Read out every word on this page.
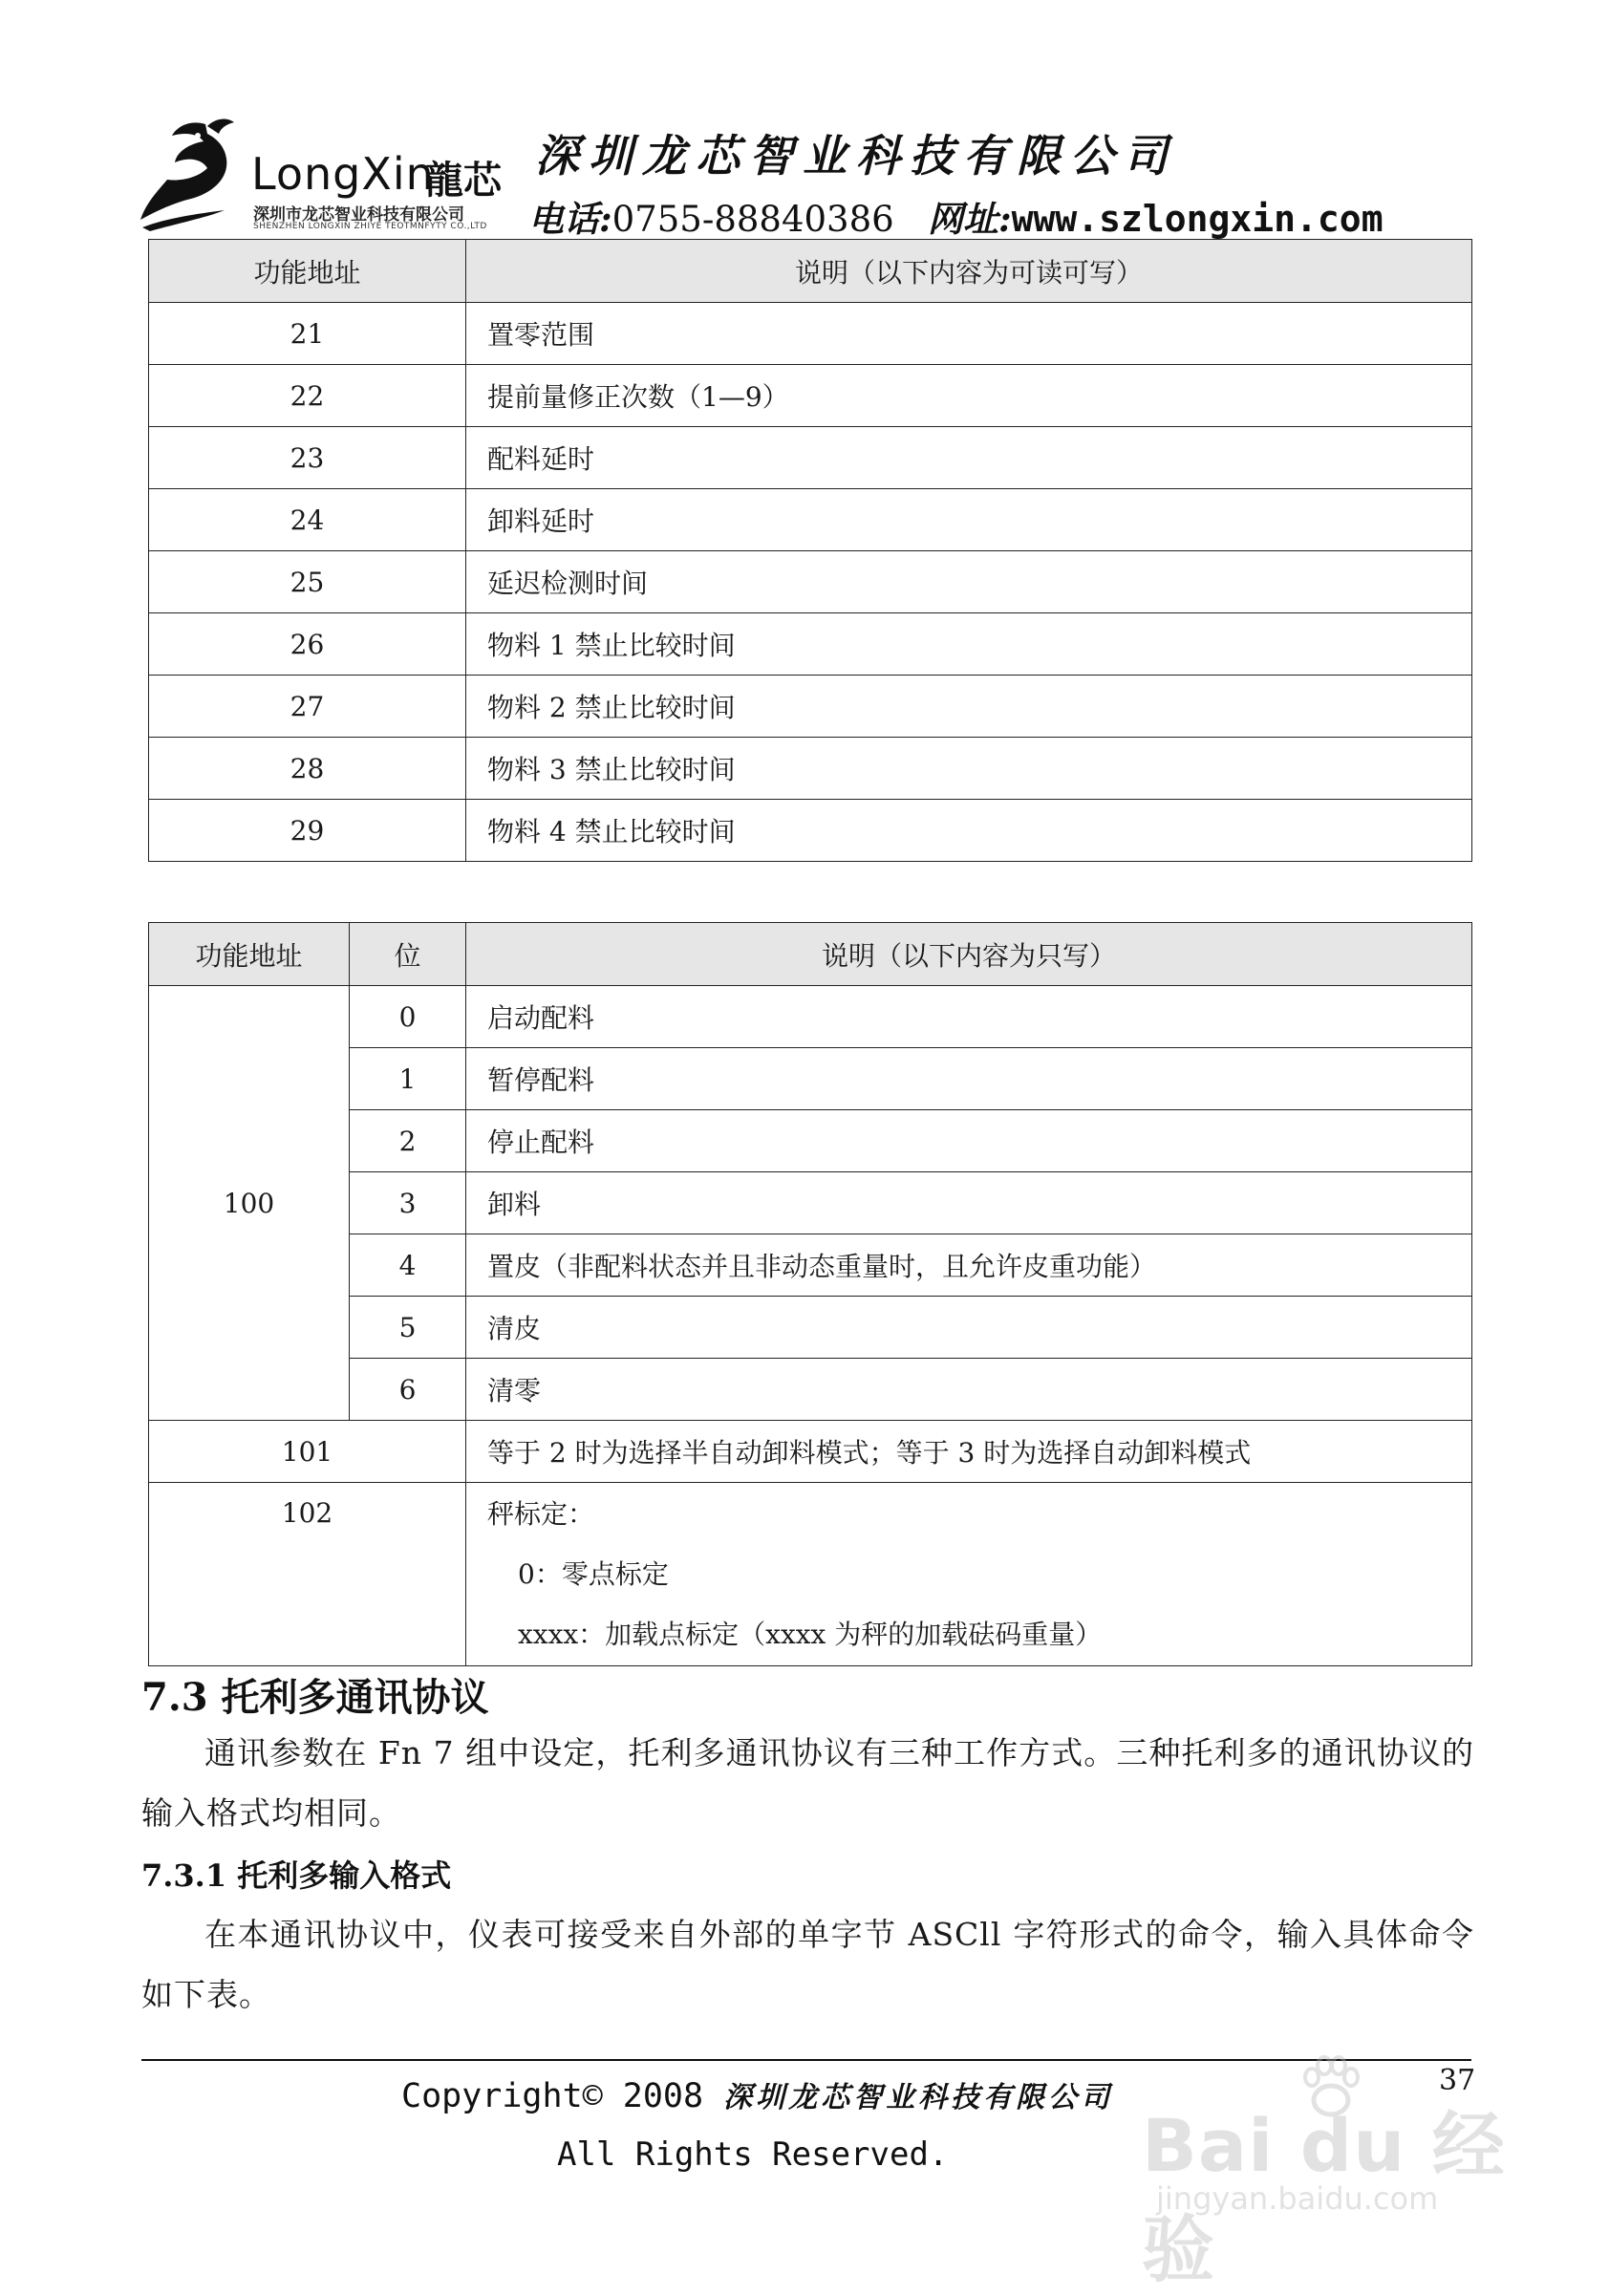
LongXin
龍芯
深圳市龙芯智业科技有限公司
SHENZHEN LONGXIN ZHIYE TEOTMNFYTY CO.,LTD
深圳龙芯智业科技有限公司
电话:0755-88840386 网址:www.szlongxin.com
功能地址	说明（以下内容为可读可写）
21	置零范围
22	提前量修正次数（1—9）
23	配料延时
24	卸料延时
25	延迟检测时间
26	物料 1 禁止比较时间
27	物料 2 禁止比较时间
28	物料 3 禁止比较时间
29	物料 4 禁止比较时间
功能地址	位	说明（以下内容为只写）
100	0	启动配料
	1	暂停配料
	2	停止配料
	3	卸料
	4	置皮（非配料状态并且非动态重量时，且允许皮重功能）
	5	清皮
	6	清零
101		等于 2 时为选择半自动卸料模式；等于 3 时为选择自动卸料模式
102		秤标定：
0：零点标定
xxxx：加载点标定（xxxx 为秤的加载砝码重量）
7.3 托利多通讯协议
通讯参数在 Fn 7 组中设定，托利多通讯协议有三种工作方式。三种托利多的通讯协议的输入格式均相同。
7.3.1 托利多输入格式
在本通讯协议中，仪表可接受来自外部的单字节 ASCll 字符形式的命令，输入具体命令如下表。
37
Copyright© 2008 深圳龙芯智业科技有限公司
All Rights Reserved.	Bai du 经验
jingyan.baidu.com
